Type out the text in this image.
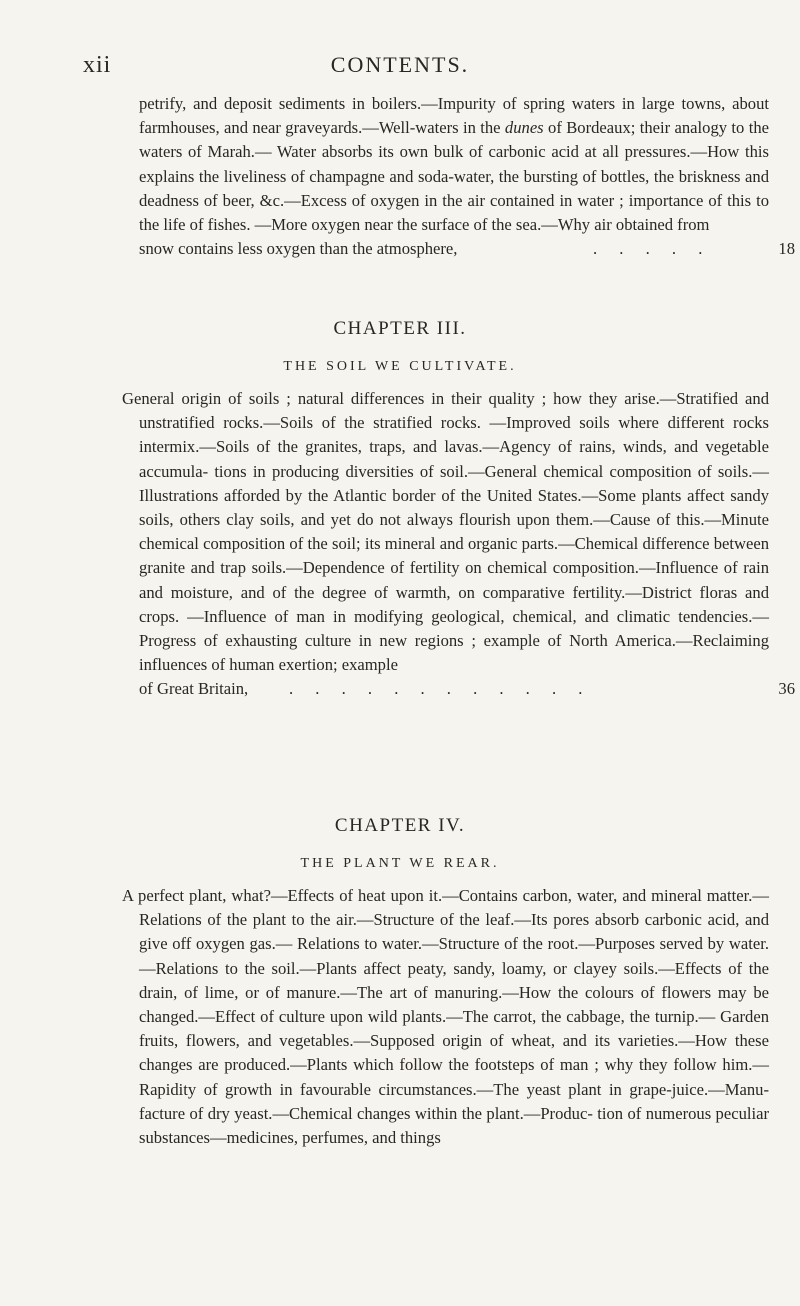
xii	CONTENTS.
petrify, and deposit sediments in boilers.—Impurity of spring waters in large towns, about farmhouses, and near graveyards.—Well-waters in the dunes of Bordeaux; their analogy to the waters of Marah.— Water absorbs its own bulk of carbonic acid at all pressures.—How this explains the liveliness of champagne and soda-water, the bursting of bottles, the briskness and deadness of beer, &c.—Excess of oxygen in the air contained in water ; importance of this to the life of fishes. —More oxygen near the surface of the sea.—Why air obtained from
snow contains less oxygen than the atmosphere,	. . . . .	18
CHAPTER III.
THE SOIL WE CULTIVATE.
General origin of soils ; natural differences in their quality ; how they arise.—Stratified and unstratified rocks.—Soils of the stratified rocks. —Improved soils where different rocks intermix.—Soils of the granites, traps, and lavas.—Agency of rains, winds, and vegetable accumula- tions in producing diversities of soil.—General chemical composition of soils.—Illustrations afforded by the Atlantic border of the United States.—Some plants affect sandy soils, others clay soils, and yet do not always flourish upon them.—Cause of this.—Minute chemical composition of the soil; its mineral and organic parts.—Chemical difference between granite and trap soils.—Dependence of fertility on chemical composition.—Influence of rain and moisture, and of the degree of warmth, on comparative fertility.—District floras and crops. —Influence of man in modifying geological, chemical, and climatic tendencies.—Progress of exhausting culture in new regions ; example of North America.—Reclaiming influences of human exertion; example
of Great Britain, . . . . . . . . . . . .	36
CHAPTER IV.
THE PLANT WE REAR.
A perfect plant, what?—Effects of heat upon it.—Contains carbon, water, and mineral matter.—Relations of the plant to the air.—Structure of the leaf.—Its pores absorb carbonic acid, and give off oxygen gas.— Relations to water.—Structure of the root.—Purposes served by water.—Relations to the soil.—Plants affect peaty, sandy, loamy, or clayey soils.—Effects of the drain, of lime, or of manure.—The art of manuring.—How the colours of flowers may be changed.—Effect of culture upon wild plants.—The carrot, the cabbage, the turnip.— Garden fruits, flowers, and vegetables.—Supposed origin of wheat, and its varieties.—How these changes are produced.—Plants which follow the footsteps of man ; why they follow him.—Rapidity of growth in favourable circumstances.—The yeast plant in grape-juice.—Manu- facture of dry yeast.—Chemical changes within the plant.—Produc- tion of numerous peculiar substances—medicines, perfumes, and things
